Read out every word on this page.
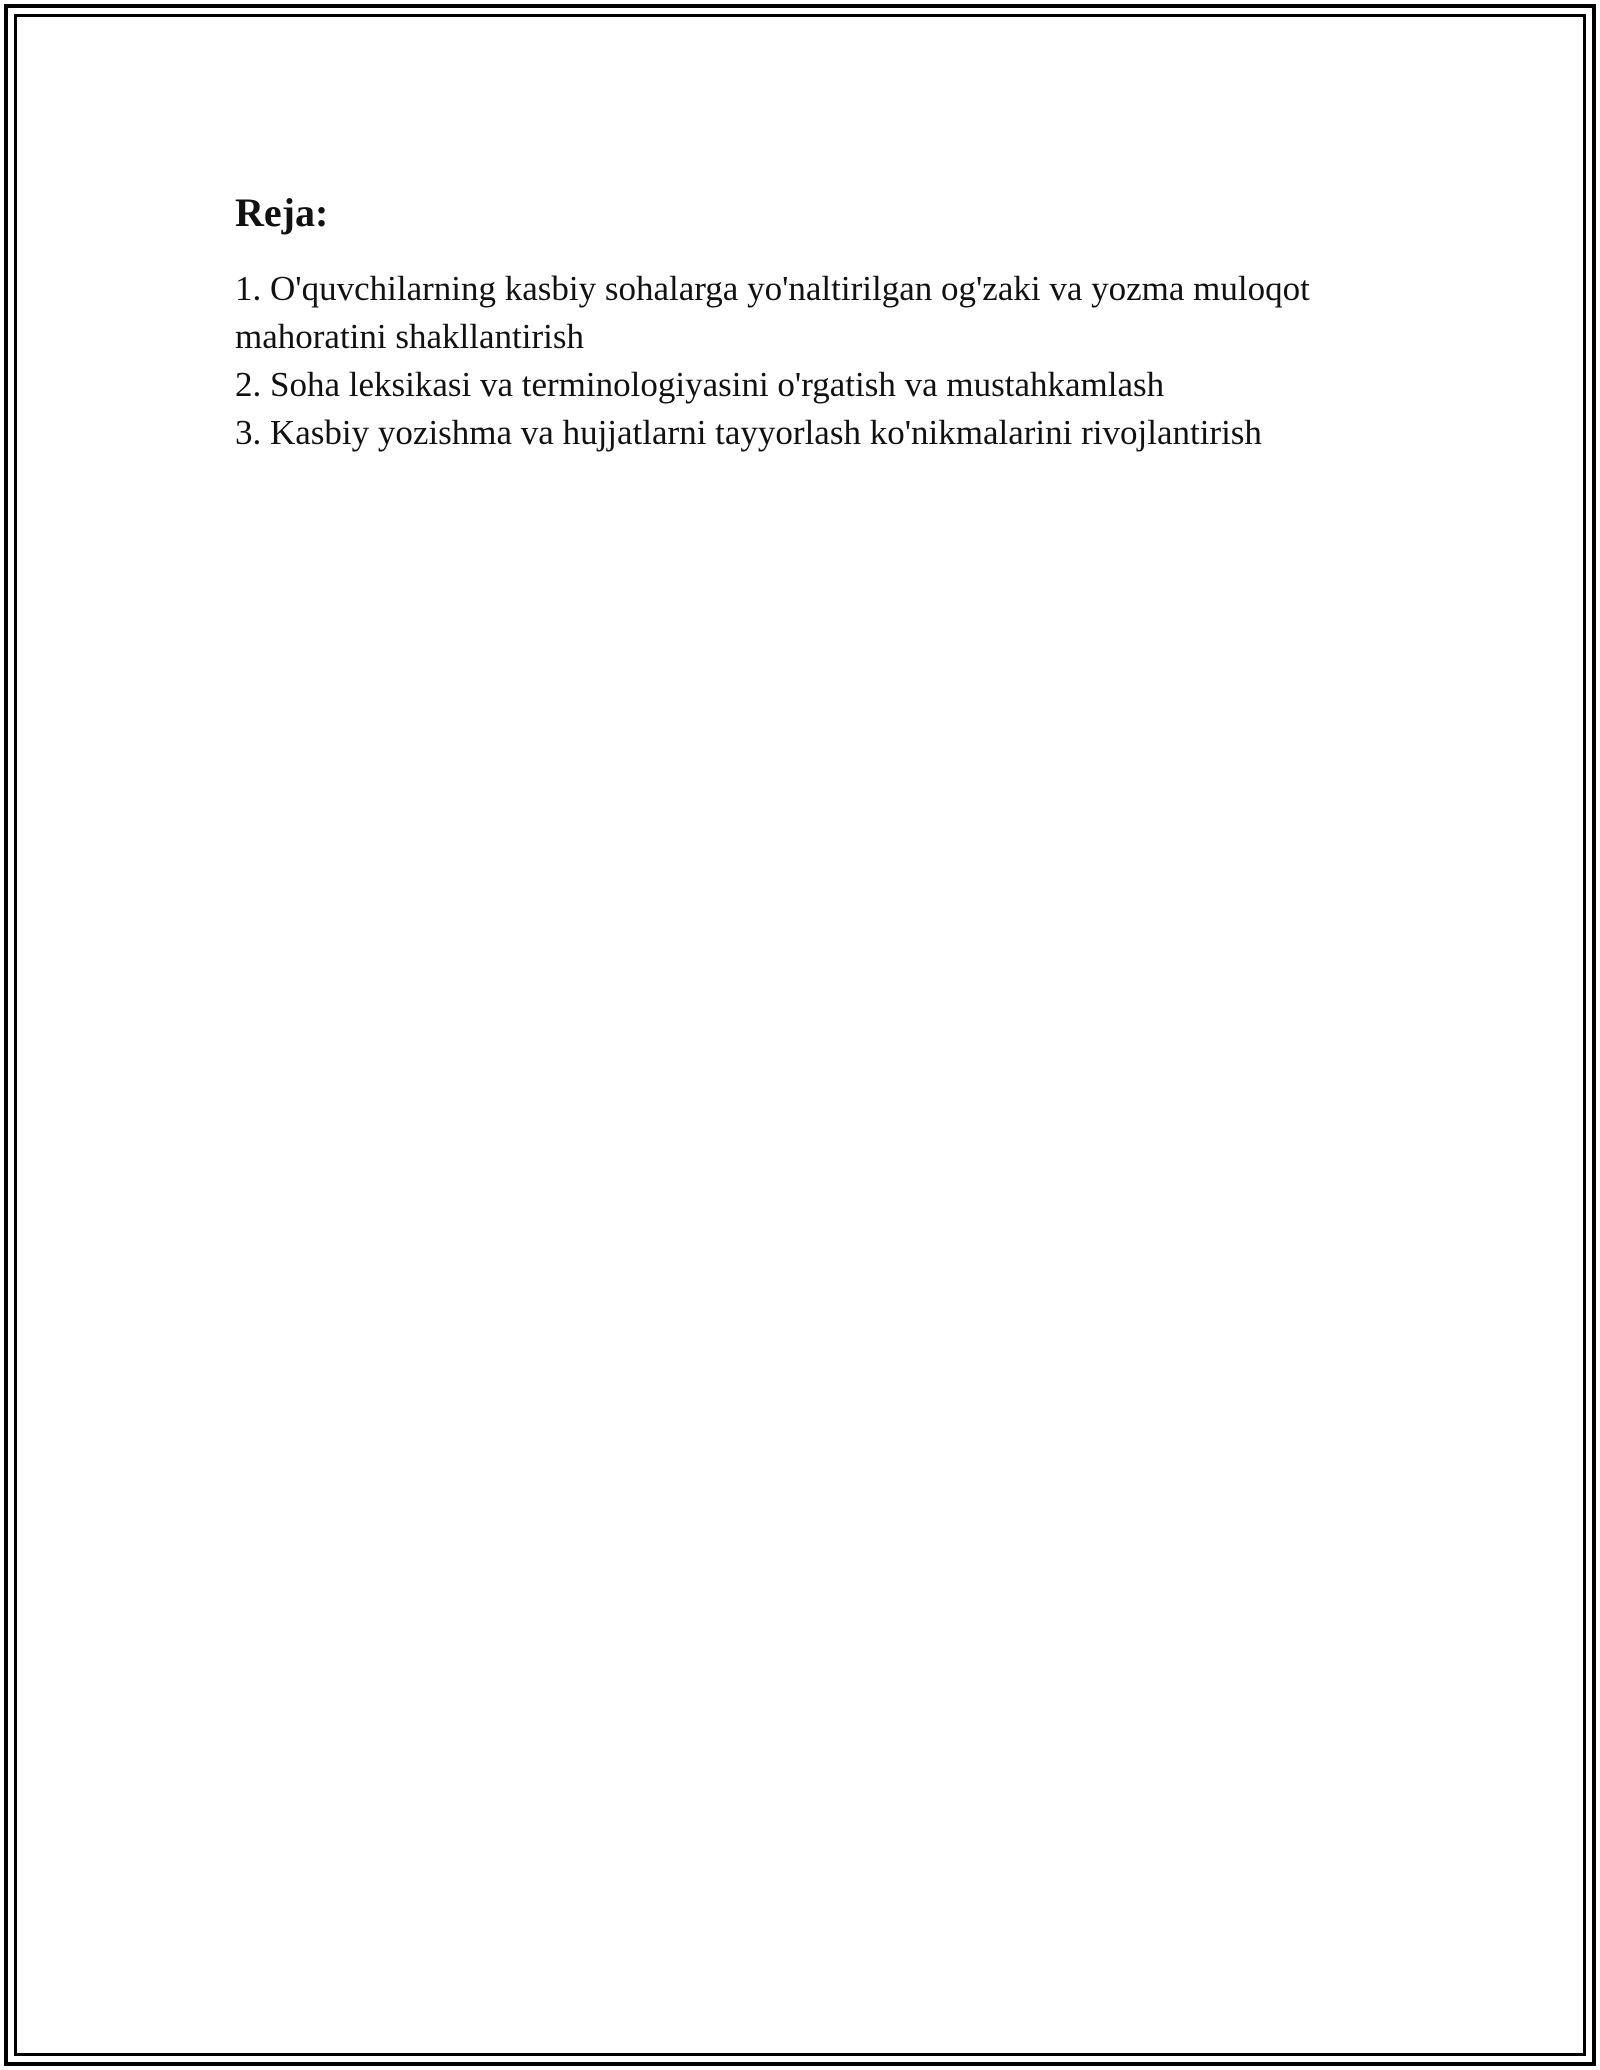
Reja:
1. O'quvchilarning kasbiy sohalarga yo'naltirilgan og'zaki va yozma muloqot mahoratini shakllantirish
2. Soha leksikasi va terminologiyasini o'rgatish va mustahkamlash
3. Kasbiy yozishma va hujjatlarni tayyorlash ko'nikmalarini rivojlantirish
